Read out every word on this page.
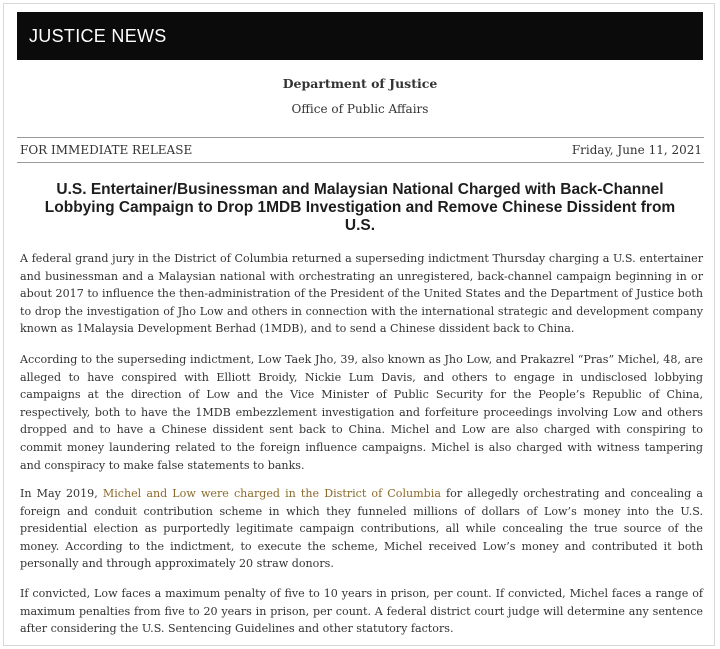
JUSTICE NEWS
Department of Justice
Office of Public Affairs
FOR IMMEDIATE RELEASE	Friday, June 11, 2021
U.S. Entertainer/Businessman and Malaysian National Charged with Back-Channel Lobbying Campaign to Drop 1MDB Investigation and Remove Chinese Dissident from U.S.

A federal grand jury in the District of Columbia returned a superseding indictment Thursday charging a U.S. entertainer and businessman and a Malaysian national with orchestrating an unregistered, back-channel campaign beginning in or about 2017 to influence the then-administration of the President of the United States and the Department of Justice both to drop the investigation of Jho Low and others in connection with the international strategic and development company known as 1Malaysia Development Berhad (1MDB), and to send a Chinese dissident back to China.

According to the superseding indictment, Low Taek Jho, 39, also known as Jho Low, and Prakazrel “Pras” Michel, 48, are alleged to have conspired with Elliott Broidy, Nickie Lum Davis, and others to engage in undisclosed lobbying campaigns at the direction of Low and the Vice Minister of Public Security for the People’s Republic of China, respectively, both to have the 1MDB embezzlement investigation and forfeiture proceedings involving Low and others dropped and to have a Chinese dissident sent back to China. Michel and Low are also charged with conspiring to commit money laundering related to the foreign influence campaigns. Michel is also charged with witness tampering and conspiracy to make false statements to banks.

In May 2019, Michel and Low were charged in the District of Columbia for allegedly orchestrating and concealing a foreign and conduit contribution scheme in which they funneled millions of dollars of Low’s money into the U.S. presidential election as purportedly legitimate campaign contributions, all while concealing the true source of the money. According to the indictment, to execute the scheme, Michel received Low’s money and contributed it both personally and through approximately 20 straw donors.

If convicted, Low faces a maximum penalty of five to 10 years in prison, per count. If convicted, Michel faces a range of maximum penalties from five to 20 years in prison, per count. A federal district court judge will determine any sentence after considering the U.S. Sentencing Guidelines and other statutory factors.
